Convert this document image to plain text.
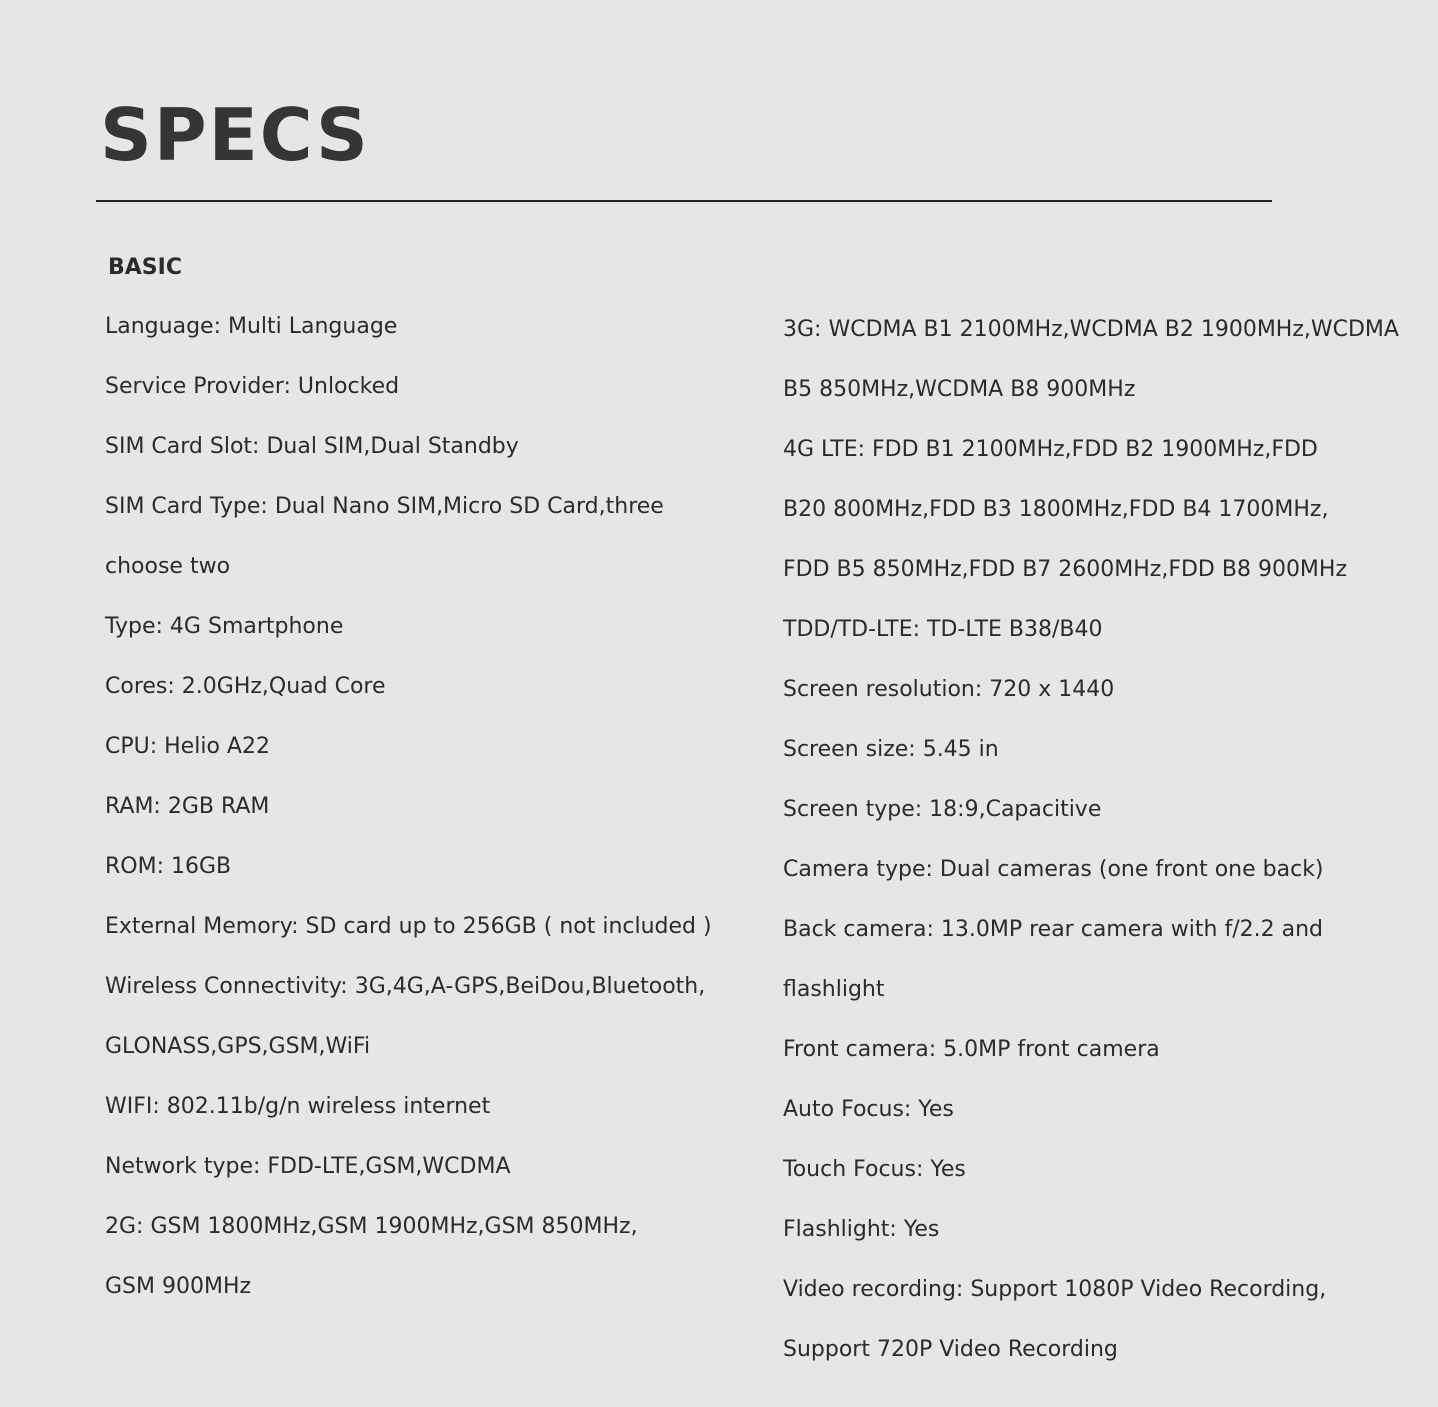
SPECS
BASIC
Language: Multi Language
Service Provider: Unlocked
SIM Card Slot: Dual SIM,Dual Standby
SIM Card Type: Dual Nano SIM,Micro SD Card,three
choose two
Type: 4G Smartphone
Cores: 2.0GHz,Quad Core
CPU: Helio A22
RAM: 2GB RAM
ROM: 16GB
External Memory: SD card up to 256GB ( not included )
Wireless Connectivity: 3G,4G,A-GPS,BeiDou,Bluetooth,
GLONASS,GPS,GSM,WiFi
WIFI: 802.11b/g/n wireless internet
Network type: FDD-LTE,GSM,WCDMA
2G: GSM 1800MHz,GSM 1900MHz,GSM 850MHz,
GSM 900MHz
3G: WCDMA B1 2100MHz,WCDMA B2 1900MHz,WCDMA
B5 850MHz,WCDMA B8 900MHz
4G LTE: FDD B1 2100MHz,FDD B2 1900MHz,FDD
B20 800MHz,FDD B3 1800MHz,FDD B4 1700MHz,
FDD B5 850MHz,FDD B7 2600MHz,FDD B8 900MHz
TDD/TD-LTE: TD-LTE B38/B40
Screen resolution: 720 x 1440
Screen size: 5.45 in
Screen type: 18:9,Capacitive
Camera type: Dual cameras (one front one back)
Back camera: 13.0MP rear camera with f/2.2 and
flashlight
Front camera: 5.0MP front camera
Auto Focus: Yes
Touch Focus: Yes
Flashlight: Yes
Video recording: Support 1080P Video Recording,
Support 720P Video Recording
